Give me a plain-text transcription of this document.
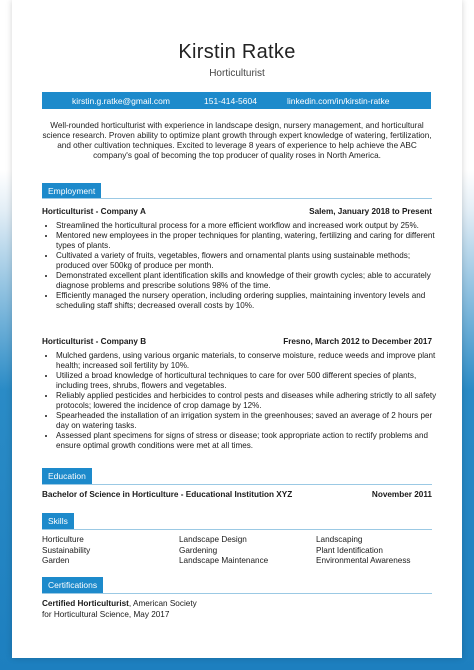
Kirstin Ratke
Horticulturist
kirstin.g.ratke@gmail.com	151-414-5604	linkedin.com/in/kirstin-ratke
Well-rounded horticulturist with experience in landscape design, nursery management, and horticultural science research. Proven ability to optimize plant growth through expert knowledge of watering, fertilization, and other cultivation techniques. Excited to leverage 8 years of experience to help achieve the ABC company's goal of becoming the top producer of quality roses in North America.
Employment
Horticulturist - Company A	Salem, January 2018 to Present
• Streamlined the horticultural process for a more efficient workflow and increased work output by 25%.
• Mentored new employees in the proper techniques for planting, watering, fertilizing and caring for different types of plants.
• Cultivated a variety of fruits, vegetables, flowers and ornamental plants using sustainable methods; produced over 500kg of produce per month.
• Demonstrated excellent plant identification skills and knowledge of their growth cycles; able to accurately diagnose problems and prescribe solutions 98% of the time.
• Efficiently managed the nursery operation, including ordering supplies, maintaining inventory levels and scheduling staff shifts; decreased overall costs by 10%.
Horticulturist - Company B	Fresno, March 2012 to December 2017
• Mulched gardens, using various organic materials, to conserve moisture, reduce weeds and improve plant health; increased soil fertility by 10%.
• Utilized a broad knowledge of horticultural techniques to care for over 500 different species of plants, including trees, shrubs, flowers and vegetables.
• Reliably applied pesticides and herbicides to control pests and diseases while adhering strictly to all safety protocols; lowered the incidence of crop damage by 12%.
• Spearheaded the installation of an irrigation system in the greenhouses; saved an average of 2 hours per day on watering tasks.
• Assessed plant specimens for signs of stress or disease; took appropriate action to rectify problems and ensure optimal growth conditions were met at all times.
Education
Bachelor of Science in Horticulture - Educational Institution XYZ	November 2011
Skills
Horticulture	Landscape Design	Landscaping
Sustainability	Gardening	Plant Identification
Garden	Landscape Maintenance	Environmental Awareness
Certifications
Certified Horticulturist, American Society
for Horticultural Science, May 2017
